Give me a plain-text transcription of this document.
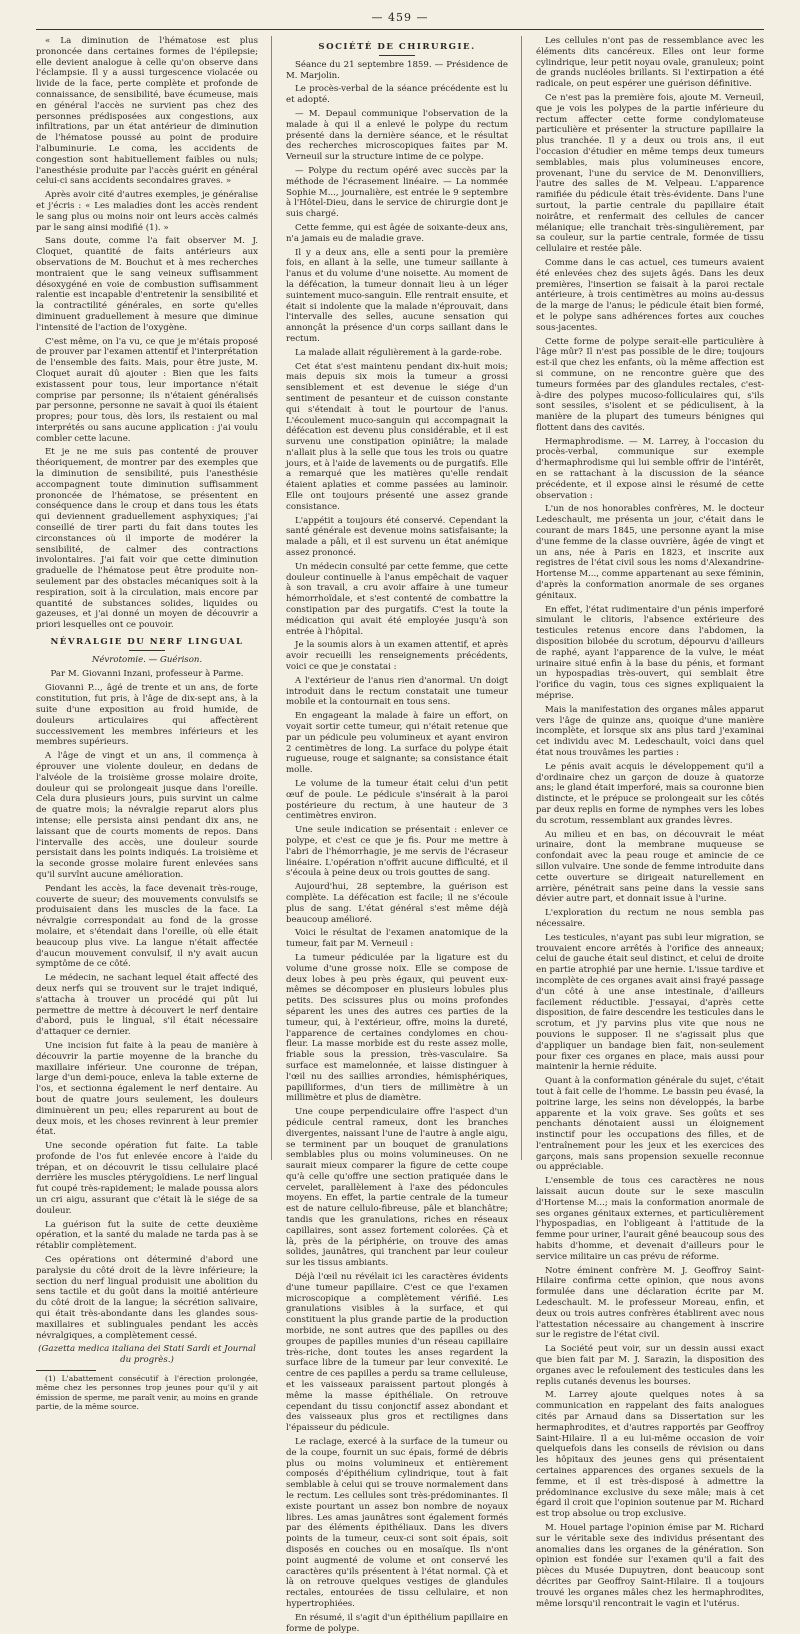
— 459 —

« La diminution de l'hématose est plus prononcée dans certaines formes de l'épilepsie; elle devient analogue à celle qu'on observe dans l'éclampsie. Il y a aussi turgescence violacée ou livide de la face, perte complète et profonde de connaissance, de sensibilité, bave écumeuse, mais en général l'accès ne survient pas chez des personnes prédisposées aux congestions, aux infiltrations, par un état antérieur de diminution de l'hématose poussé au point de produire l'albuminurie. Le coma, les accidents de congestion sont habituellement faibles ou nuls; l'anesthésie produite par l'accès guérit en général celui-ci sans accidents secondaires graves. »

Après avoir cité d'autres exemples, je généralise et j'écris : « Les maladies dont les accès rendent le sang plus ou moins noir ont leurs accès calmés par le sang ainsi modifié (1). »

Sans doute, comme l'a fait observer M. J. Cloquet, quantité de faits antérieurs aux observations de M. Bouchut et à mes recherches montraient que le sang veineux suffisamment désoxygéné en voie de combustion suffisamment ralentie est incapable d'entretenir la sensibilité et la contractilité générales, en sorte qu'elles diminuent graduellement à mesure que diminue l'intensité de l'action de l'oxygène.

C'est même, on l'a vu, ce que je m'étais proposé de prouver par l'examen attentif et l'interprétation de l'ensemble des faits. Mais, pour être juste, M. Cloquet aurait dû ajouter : Bien que les faits existassent pour tous, leur importance n'était comprise par personne; ils n'étaient généralisés par personne, personne ne savait à quoi ils étaient propres; pour tous, dès lors, ils restaient ou mal interprétés ou sans aucune application : j'ai voulu combler cette lacune.

Et je ne me suis pas contenté de prouver théoriquement, de montrer par des exemples que la diminution de sensibilité, puis l'anesthésie accompagnent toute diminution suffisamment prononcée de l'hématose, se présentent en conséquence dans le croup et dans tous les états qui deviennent graduellement asphyxiques; j'ai conseillé de tirer parti du fait dans toutes les circonstances où il importe de modérer la sensibilité, de calmer des contractions involontaires. J'ai fait voir que cette diminution graduelle de l'hématose peut être produite non-seulement par des obstacles mécaniques soit à la respiration, soit à la circulation, mais encore par quantité de substances solides, liquides ou gazeuses, et j'ai donné un moyen de découvrir a priori lesquelles ont ce pouvoir.

NÉVRALGIE DU NERF LINGUAL
Névrotomie. — Guérison.
Par M. Giovanni Inzani, professeur à Parme.

Giovanni P..., âgé de trente et un ans, de forte constitution, fut pris, à l'âge de dix-sept ans, à la suite d'une exposition au froid humide, de douleurs articulaires qui affectèrent successivement les membres inférieurs et les membres supérieurs.

A l'âge de vingt et un ans, il commença à éprouver une violente douleur, en dedans de l'alvéole de la troisième grosse molaire droite, douleur qui se prolongeait jusque dans l'oreille. Cela dura plusieurs jours, puis survint un calme de quatre mois; la névralgie reparut alors plus intense; elle persista ainsi pendant dix ans, ne laissant que de courts moments de repos. Dans l'intervalle des accès, une douleur sourde persistait dans les points indiqués. La troisième et la seconde grosse molaire furent enlevées sans qu'il survînt aucune amélioration.

Pendant les accès, la face devenait très-rouge, couverte de sueur; des mouvements convulsifs se produisaient dans les muscles de la face. La névralgie correspondait au fond de la grosse molaire, et s'étendait dans l'oreille, où elle était beaucoup plus vive. La langue n'était affectée d'aucun mouvement convulsif, il n'y avait aucun symptôme de ce côté.

Le médecin, ne sachant lequel était affecté des deux nerfs qui se trouvent sur le trajet indiqué, s'attacha à trouver un procédé qui pût lui permettre de mettre à découvert le nerf dentaire d'abord, puis le lingual, s'il était nécessaire d'attaquer ce dernier.

Une incision fut faite à la peau de manière à découvrir la partie moyenne de la branche du maxillaire inférieur. Une couronne de trépan, large d'un demi-pouce, enleva la table externe de l'os, et sectionna également le nerf dentaire. Au bout de quatre jours seulement, les douleurs diminuèrent un peu; elles reparurent au bout de deux mois, et les choses revinrent à leur premier état.

Une seconde opération fut faite. La table profonde de l'os fut enlevée encore à l'aide du trépan, et on découvrit le tissu cellulaire placé derrière les muscles ptérygoïdiens. Le nerf lingual fut coupé très-rapidement; le malade poussa alors un cri aigu, assurant que c'était là le siége de sa douleur.

La guérison fut la suite de cette deuxième opération, et la santé du malade ne tarda pas à se rétablir complètement.

Ces opérations ont déterminé d'abord une paralysie du côté droit de la lèvre inférieure; la section du nerf lingual produisit une abolition du sens tactile et du goût dans la moitié antérieure du côté droit de la langue; la sécrétion salivaire, qui était très-abondante dans les glandes sous-maxillaires et sublinguales pendant les accès névralgiques, a complètement cessé.

(Gazetta medica italiana dei Stati Sardi et Journal du progrès.)

(1) L'abattement consécutif à l'érection prolongée, même chez les personnes trop jeunes pour qu'il y ait émission de sperme, me paraît venir, au moins en grande partie, de la même source.

SOCIÉTÉ DE CHIRURGIE.

Séance du 21 septembre 1859. — Présidence de M. Marjolin.

Le procès-verbal de la séance précédente est lu et adopté.

— M. Depaul communique l'observation de la malade à qui il a enlevé le polype du rectum présenté dans la dernière séance, et le résultat des recherches microscopiques faites par M. Verneuil sur la structure intime de ce polype.

— Polype du rectum opéré avec succès par la méthode de l'écrasement linéaire. — La nommée Sophie M..., journalière, est entrée le 9 septembre à l'Hôtel-Dieu, dans le service de chirurgie dont je suis chargé.

Cette femme, qui est âgée de soixante-deux ans, n'a jamais eu de maladie grave.

Il y a deux ans, elle a senti pour la première fois, en allant à la selle, une tumeur saillante à l'anus et du volume d'une noisette. Au moment de la défécation, la tumeur donnait lieu à un léger suintement muco-sanguin. Elle rentrait ensuite, et était si indolente que la malade n'éprouvait, dans l'intervalle des selles, aucune sensation qui annonçât la présence d'un corps saillant dans le rectum.

La malade allait régulièrement à la garde-robe.

Cet état s'est maintenu pendant dix-huit mois; mais depuis six mois la tumeur a grossi sensiblement et est devenue le siége d'un sentiment de pesanteur et de cuisson constante qui s'étendait à tout le pourtour de l'anus. L'écoulement muco-sanguin qui accompagnait la défécation est devenu plus considérable, et il est survenu une constipation opiniâtre; la malade n'allait plus à la selle que tous les trois ou quatre jours, et à l'aide de lavements ou de purgatifs. Elle a remarqué que les matières qu'elle rendait étaient aplaties et comme passées au laminoir. Elle ont toujours présenté une assez grande consistance.

L'appétit a toujours été conservé. Cependant la santé générale est devenue moins satisfaisante; la malade a pâli, et il est survenu un état anémique assez prononcé.

Un médecin consulté par cette femme, que cette douleur continuelle à l'anus empêchait de vaquer à son travail, a cru avoir affaire à une tumeur hémorrhoïdale, et s'est contenté de combattre la constipation par des purgatifs. C'est la toute la médication qui avait été employée jusqu'à son entrée à l'hôpital.

Je la soumis alors à un examen attentif, et après avoir recueilli les renseignements précédents, voici ce que je constatai :

A l'extérieur de l'anus rien d'anormal. Un doigt introduit dans le rectum constatait une tumeur mobile et la contournait en tous sens.

En engageant la malade à faire un effort, on voyait sortir cette tumeur, qui n'était retenue que par un pédicule peu volumineux et ayant environ 2 centimètres de long. La surface du polype était rugueuse, rouge et saignante; sa consistance était molle.

Le volume de la tumeur était celui d'un petit œuf de poule. Le pédicule s'insérait à la paroi postérieure du rectum, à une hauteur de 3 centimètres environ.

Une seule indication se présentait : enlever ce polype, et c'est ce que je fis. Pour me mettre à l'abri de l'hémorrhagie, je me servis de l'écraseur linéaire. L'opération n'offrit aucune difficulté, et il s'écoula à peine deux ou trois gouttes de sang.

Aujourd'hui, 28 septembre, la guérison est complète. La défécation est facile; il ne s'écoule plus de sang. L'état général s'est même déjà beaucoup amélioré.

Voici le résultat de l'examen anatomique de la tumeur, fait par M. Verneuil :

La tumeur pédiculée par la ligature est du volume d'une grosse noix. Elle se compose de deux lobes à peu près égaux, qui peuvent eux-mêmes se décomposer en plusieurs lobules plus petits. Des scissures plus ou moins profondes séparent les unes des autres ces parties de la tumeur, qui, à l'extérieur, offre, moins la dureté, l'apparence de certaines condylomes en chou-fleur. La masse morbide est du reste assez molle, friable sous la pression, très-vasculaire. Sa surface est mamelonnée, et laisse distinguer à l'œil nu des saillies arrondies, hémisphériques, papilliformes, d'un tiers de millimètre à un millimètre et plus de diamètre.

Une coupe perpendiculaire offre l'aspect d'un pédicule central rameux, dont les branches divergentes, naissant l'une de l'autre à angle aigu, se terminent par un bouquet de granulations semblables plus ou moins volumineuses. On ne saurait mieux comparer la figure de cette coupe qu'à celle qu'offre une section pratiquée dans le cervelet, parallèlement à l'axe des pédoncules moyens. En effet, la partie centrale de la tumeur est de nature cellulo-fibreuse, pâle et blanchâtre; tandis que les granulations, riches en réseaux capillaires, sont assez fortement colorées. Çà et là, près de la périphérie, on trouve des amas solides, jaunâtres, qui tranchent par leur couleur sur les tissus ambiants.

Déjà l'œil nu révélait ici les caractères évidents d'une tumeur papillaire. C'est ce que l'examen microscopique a complètement vérifié. Les granulations visibles à la surface, et qui constituent la plus grande partie de la production morbide, ne sont autres que des papilles ou des groupes de papilles munies d'un réseau capillaire très-riche, dont toutes les anses regardent la surface libre de la tumeur par leur convexité. Le centre de ces papilles a perdu sa trame celluleuse, et les vaisseaux paraissent partout plongés à même la masse épithéliale. On retrouve cependant du tissu conjonctif assez abondant et des vaisseaux plus gros et rectilignes dans l'épaisseur du pédicule.

Le raclage, exercé à la surface de la tumeur ou de la coupe, fournit un suc épais, formé de débris plus ou moins volumineux et entièrement composés d'épithélium cylindrique, tout à fait semblable à celui qui se trouve normalement dans le rectum. Les cellules sont très-prédominantes. Il existe pourtant un assez bon nombre de noyaux libres. Les amas jaunâtres sont également formés par des éléments épithéliaux. Dans les divers points de la tumeur, ceux-ci sont soit épais, soit disposés en couches ou en mosaïque. Ils n'ont point augmenté de volume et ont conservé les caractères qu'ils présentent à l'état normal. Çà et là on retrouve quelques vestiges de glandules rectales, entourées de tissu cellulaire, et non hypertrophiées.

En résumé, il s'agit d'un épithélium papillaire en forme de polype.

Les cellules n'ont pas de ressemblance avec les éléments dits cancéreux. Elles ont leur forme cylindrique, leur petit noyau ovale, granuleux; point de grands nucléoles brillants. Si l'extirpation a été radicale, on peut espérer une guérison définitive.

Ce n'est pas la première fois, ajoute M. Verneuil, que je vois les polypes de la partie inférieure du rectum affecter cette forme condylomateuse particulière et présenter la structure papillaire la plus tranchée. Il y a deux ou trois ans, il eut l'occasion d'étudier en même temps deux tumeurs semblables, mais plus volumineuses encore, provenant, l'une du service de M. Denonvilliers, l'autre des salles de M. Velpeau. L'apparence ramifiée du pédicule était très-évidente. Dans l'une surtout, la partie centrale du papillaire était noirâtre, et renfermait des cellules de cancer mélanique; elle tranchait très-singulièrement, par sa couleur, sur la partie centrale, formée de tissu cellulaire et restée pâle.

Comme dans le cas actuel, ces tumeurs avaient été enlevées chez des sujets âgés. Dans les deux premières, l'insertion se faisait à la paroi rectale antérieure, à trois centimètres au moins au-dessus de la marge de l'anus; le pédicule était bien formé, et le polype sans adhérences fortes aux couches sous-jacentes.

Cette forme de polype serait-elle particulière à l'âge mûr? Il n'est pas possible de le dire; toujours est-il que chez les enfants, où la même affection est si commune, on ne rencontre guère que des tumeurs formées par des glandules rectales, c'est-à-dire des polypes mucoso-folliculaires qui, s'ils sont sessiles, s'isolent et se pédiculisent, à la manière de la plupart des tumeurs bénignes qui flottent dans des cavités.

Hermaphrodisme. — M. Larrey, à l'occasion du procès-verbal, communique sur exemple d'hermaphrodisme qui lui semble offrir de l'intérêt, en se rattachant à la discussion de la séance précédente, et il expose ainsi le résumé de cette observation :

L'un de nos honorables confrères, M. le docteur Ledeschault, me présenta un jour, c'était dans le courant de mars 1845, une personne ayant la mise d'une femme de la classe ouvrière, âgée de vingt et un ans, née à Paris en 1823, et inscrite aux registres de l'état civil sous les noms d'Alexandrine-Hortense M..., comme appartenant au sexe féminin, d'après la conformation anormale de ses organes génitaux.

En effet, l'état rudimentaire d'un pénis imperforé simulant le clitoris, l'absence extérieure des testicules retenus encore dans l'abdomen, la disposition bilobée du scrotum, dépourvu d'ailleurs de raphé, ayant l'apparence de la vulve, le méat urinaire situé enfin à la base du pénis, et formant un hypospadias très-ouvert, qui semblait être l'orifice du vagin, tous ces signes expliquaient la méprise.

Mais la manifestation des organes mâles apparut vers l'âge de quinze ans, quoique d'une manière incomplète, et lorsque six ans plus tard j'examinai cet individu avec M. Ledeschault, voici dans quel état nous trouvâmes les parties :

Le pénis avait acquis le développement qu'il a d'ordinaire chez un garçon de douze à quatorze ans; le gland était imperforé, mais sa couronne bien distincte, et le prépuce se prolongeait sur les côtés par deux replis en forme de nymphes vers les lobes du scrotum, ressemblant aux grandes lèvres.

Au milieu et en bas, on découvrait le méat urinaire, dont la membrane muqueuse se confondait avec la peau rouge et amincie de ce sillon vulvaire. Une sonde de femme introduite dans cette ouverture se dirigeait naturellement en arrière, pénétrait sans peine dans la vessie sans dévier autre part, et donnait issue à l'urine.

L'exploration du rectum ne nous sembla pas nécessaire.

Les testicules, n'ayant pas subi leur migration, se trouvaient encore arrêtés à l'orifice des anneaux; celui de gauche était seul distinct, et celui de droite en partie atrophié par une hernie. L'issue tardive et incomplète de ces organes avait ainsi frayé passage d'un côté à une anse intestinale, d'ailleurs facilement réductible. J'essayai, d'après cette disposition, de faire descendre les testicules dans le scrotum, et j'y parvins plus vite que nous ne pouvions le supposer. Il ne s'agissait plus que d'appliquer un bandage bien fait, non-seulement pour fixer ces organes en place, mais aussi pour maintenir la hernie réduite.

Quant à la conformation générale du sujet, c'était tout à fait celle de l'homme. Le bassin peu évasé, la poitrine large, les seins non développés, la barbe apparente et la voix grave. Ses goûts et ses penchants dénotaient aussi un éloignement instinctif pour les occupations des filles, et de l'entraînement pour les jeux et les exercices des garçons, mais sans propension sexuelle reconnue ou appréciable.

L'ensemble de tous ces caractères ne nous laissait aucun doute sur le sexe masculin d'Hortense M...; mais la conformation anormale de ses organes génitaux externes, et particulièrement l'hypospadias, en l'obligeant à l'attitude de la femme pour uriner, l'aurait gêné beaucoup sous des habits d'homme, et devenait d'ailleurs pour le service militaire un cas prévu de réforme.

Notre éminent confrère M. J. Geoffroy Saint-Hilaire confirma cette opinion, que nous avons formulée dans une déclaration écrite par M. Ledeschault. M. le professeur Moreau, enfin, et deux ou trois autres confrères établirent avec nous l'attestation nécessaire au changement à inscrire sur le registre de l'état civil.

La Société peut voir, sur un dessin aussi exact que bien fait par M. J. Sarazin, la disposition des organes avec le refoulement des testicules dans les replis cutanés devenus les bourses.

M. Larrey ajoute quelques notes à sa communication en rappelant des faits analogues cités par Arnaud dans sa Dissertation sur les hermaphrodites, et d'autres rapportés par Geoffroy Saint-Hilaire. Il a eu lui-même occasion de voir quelquefois dans les conseils de révision ou dans les hôpitaux des jeunes gens qui présentaient certaines apparences des organes sexuels de la femme, et il est très-disposé à admettre la prédominance exclusive du sexe mâle; mais à cet égard il croit que l'opinion soutenue par M. Richard est trop absolue ou trop exclusive.

M. Houel partage l'opinion émise par M. Richard sur le véritable sexe des individus présentant des anomalies dans les organes de la génération. Son opinion est fondée sur l'examen qu'il a fait des pièces du Musée Dupuytren, dont beaucoup sont décrites par Geoffroy Saint-Hilaire. Il a toujours trouvé les organes mâles chez les hermaphrodites, même lorsqu'il rencontrait le vagin et l'utérus.
